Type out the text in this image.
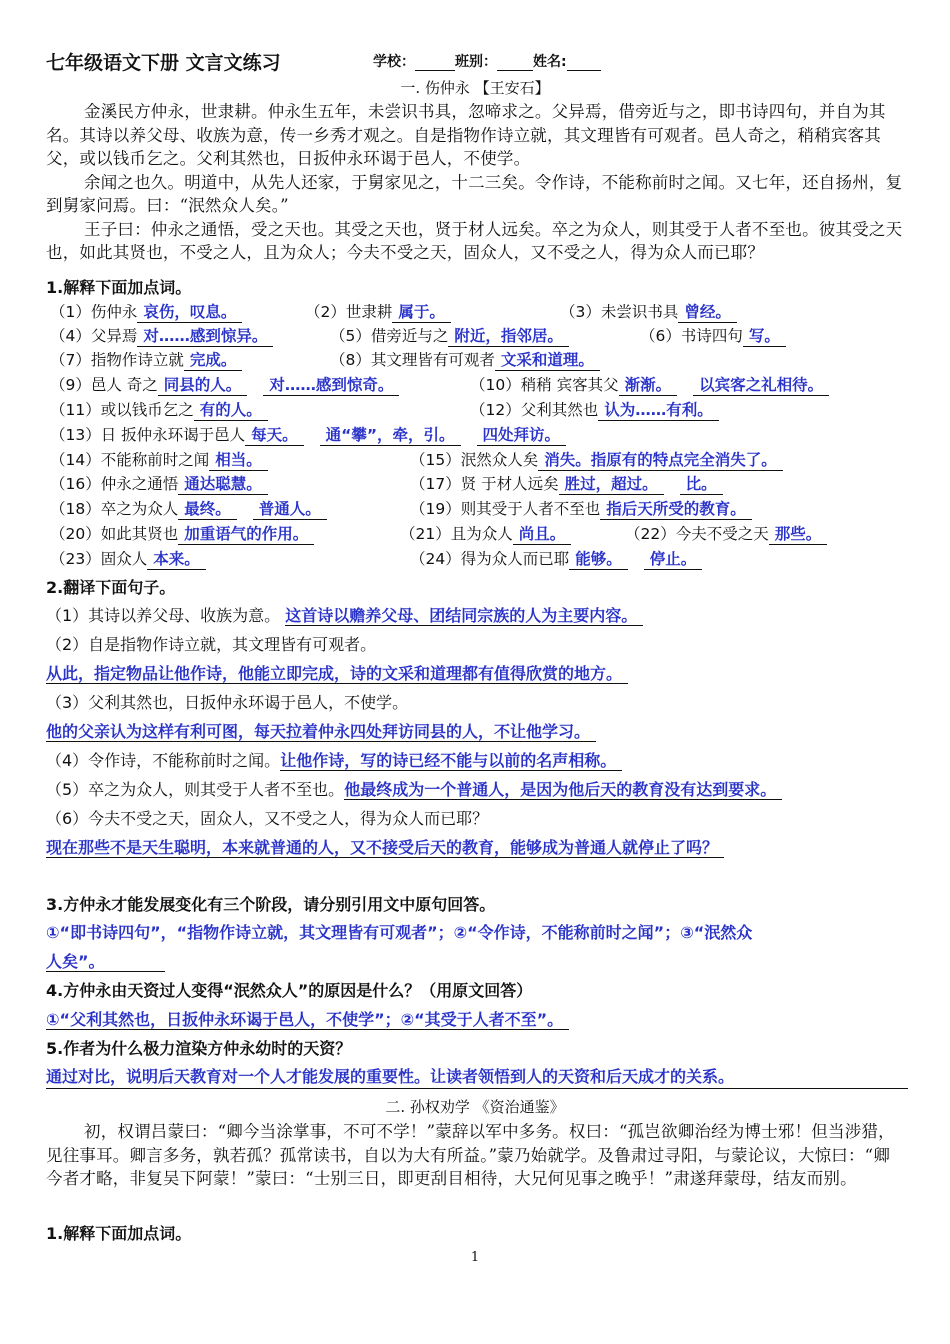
七年级语文下册 文言文练习	学校：	班别：	姓名:
一. 伤仲永 【王安石】
金溪民方仲永，世隶耕。仲永生五年，未尝识书具，忽啼求之。父异焉，借旁近与之，即书诗四句，并自为其名。其诗以养父母、收族为意，传一乡秀才观之。自是指物作诗立就，其文理皆有可观者。邑人奇之，稍稍宾客其父，或以钱币乞之。父利其然也，日扳仲永环谒于邑人，不使学。
余闻之也久。明道中，从先人还家，于舅家见之，十二三矣。令作诗，不能称前时之闻。又七年，还自扬州，复到舅家问焉。曰：“泯然众人矣。”
王子曰：仲永之通悟，受之天也。其受之天也，贤于材人远矣。卒之为众人，则其受于人者不至也。彼其受之天也，如此其贤也，不受之人，且为众人；今夫不受之天，固众人，又不受之人，得为众人而已耶？
1.解释下面加点词。
（1）伤仲永 哀伤，叹息。	（2）世隶耕 属于。	（3）未尝识书具 曾经。
（4）父异焉 对……感到惊异。	（5）借旁近与之 附近，指邻居。	（6）书诗四句 写。
（7）指物作诗立就 完成。	（8）其文理皆有可观者 文采和道理。
（9）邑人 奇之 同县的人。 对……感到惊奇。	（10）稍稍 宾客其父 渐渐。 以宾客之礼相待。
（11）或以钱币乞之 有的人。	（12）父利其然也 认为……有利。
（13）日 扳仲永环谒于邑人 每天。 通“攀”，牵，引。 四处拜访。
（14）不能称前时之闻 相当。	（15）泯然众人矣 消失。指原有的特点完全消失了。
（16）仲永之通悟 通达聪慧。	（17）贤 于材人远矣 胜过，超过。 比。
（18）卒之为众人 最终。 普通人。	（19）则其受于人者不至也 指后天所受的教育。
（20）如此其贤也 加重语气的作用。	（21）且为众人 尚且。	（22）今夫不受之天 那些。
（23）固众人 本来。	（24）得为众人而已耶 能够。 停止。
2.翻译下面句子。
（1）其诗以养父母、收族为意。 这首诗以赡养父母、团结同宗族的人为主要内容。
（2）自是指物作诗立就，其文理皆有可观者。
从此，指定物品让他作诗，他能立即完成，诗的文采和道理都有值得欣赏的地方。
（3）父利其然也，日扳仲永环谒于邑人，不使学。
他的父亲认为这样有利可图，每天拉着仲永四处拜访同县的人，不让他学习。
（4）令作诗，不能称前时之闻。让他作诗，写的诗已经不能与以前的名声相称。
（5）卒之为众人，则其受于人者不至也。他最终成为一个普通人，是因为他后天的教育没有达到要求。
（6）今夫不受之天，固众人，又不受之人，得为众人而已耶？
现在那些不是天生聪明，本来就普通的人，又不接受后天的教育，能够成为普通人就停止了吗？
3.方仲永才能发展变化有三个阶段，请分别引用文中原句回答。
①“即书诗四句”，“指物作诗立就，其文理皆有可观者”；②“令作诗，不能称前时之闻”；③“泯然众
人矣”。
4.方仲永由天资过人变得“泯然众人”的原因是什么？（用原文回答）
①“父利其然也，日扳仲永环谒于邑人，不使学”；②“其受于人者不至”。
5.作者为什么极力渲染方仲永幼时的天资？
通过对比，说明后天教育对一个人才能发展的重要性。让读者领悟到人的天资和后天成才的关系。
二. 孙权劝学 《资治通鉴》
初，权谓吕蒙曰：“卿今当涂掌事，不可不学！”蒙辞以军中多务。权曰：“孤岂欲卿治经为博士邪！但当涉猎，见往事耳。卿言多务，孰若孤？孤常读书，自以为大有所益。”蒙乃始就学。及鲁肃过寻阳，与蒙论议，大惊曰：“卿今者才略，非复吴下阿蒙！”蒙曰：“士别三日，即更刮目相待，大兄何见事之晚乎！”肃遂拜蒙母，结友而别。
1.解释下面加点词。
1
